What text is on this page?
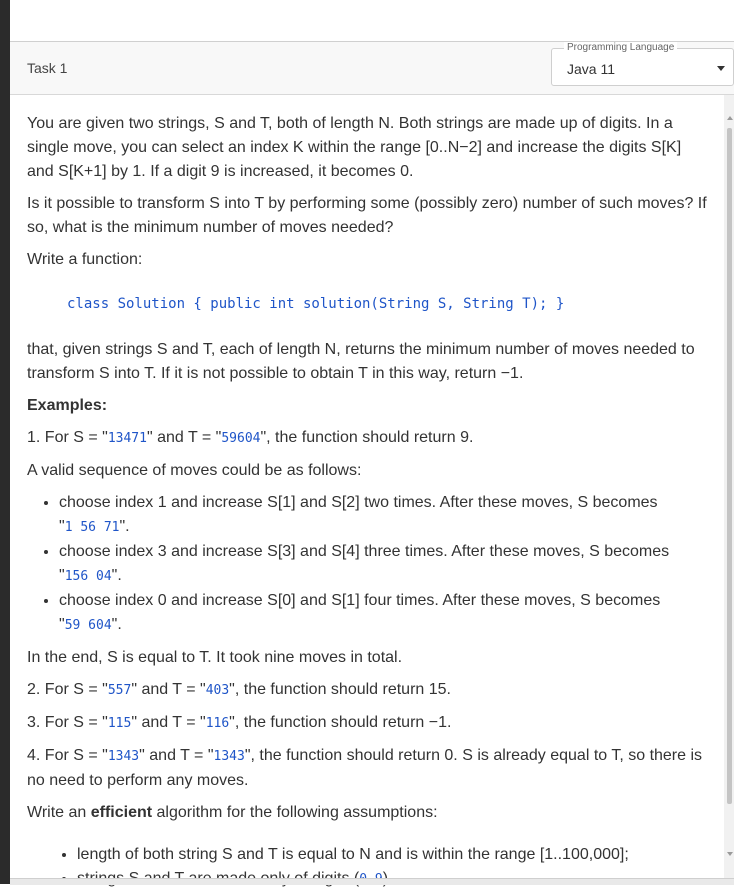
Task 1
Programming Language
Java 11

You are given two strings, S and T, both of length N. Both strings are made up of digits. In a single move, you can select an index K within the range [0..N−2] and increase the digits S[K] and S[K+1] by 1. If a digit 9 is increased, it becomes 0.

Is it possible to transform S into T by performing some (possibly zero) number of such moves? If so, what is the minimum number of moves needed?

Write a function:

class Solution { public int solution(String S, String T); }

that, given strings S and T, each of length N, returns the minimum number of moves needed to transform S into T. If it is not possible to obtain T in this way, return −1.

Examples:

1. For S = "13471" and T = "59604", the function should return 9.

A valid sequence of moves could be as follows:

• choose index 1 and increase S[1] and S[2] two times. After these moves, S becomes
"1 56 71".
• choose index 3 and increase S[3] and S[4] three times. After these moves, S becomes
"156 04".
• choose index 0 and increase S[0] and S[1] four times. After these moves, S becomes
"59 604".

In the end, S is equal to T. It took nine moves in total.

2. For S = "557" and T = "403", the function should return 15.

3. For S = "115" and T = "116", the function should return −1.

4. For S = "1343" and T = "1343", the function should return 0. S is already equal to T, so there is no need to perform any moves.

Write an efficient algorithm for the following assumptions:

• length of both string S and T is equal to N and is within the range [1..100,000];
•
